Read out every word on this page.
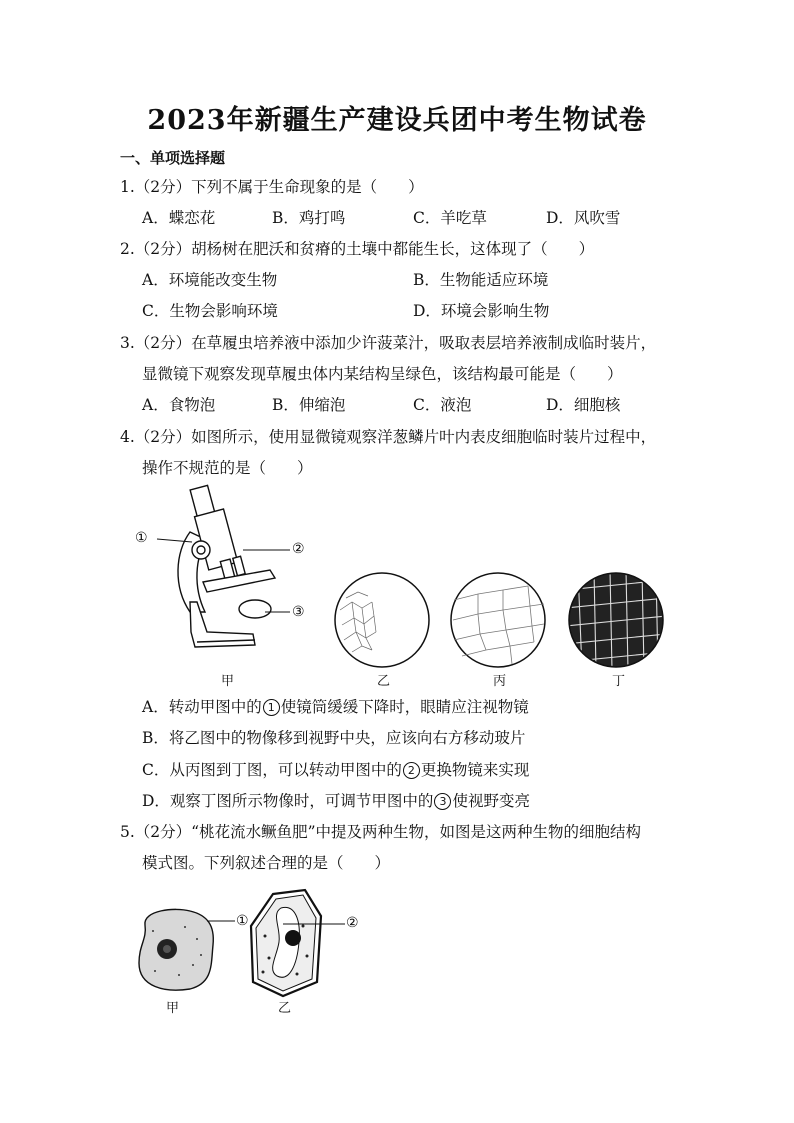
2023年新疆生产建设兵团中考生物试卷
一、单项选择题
1.（2分）下列不属于生命现象的是（　　）
A．蝶恋花	B．鸡打鸣	C．羊吃草	D．风吹雪
2.（2分）胡杨树在肥沃和贫瘠的土壤中都能生长，这体现了（　　）
A．环境能改变生物	B．生物能适应环境
C．生物会影响环境	D．环境会影响生物
3.（2分）在草履虫培养液中添加少许菠菜汁，吸取表层培养液制成临时装片，
显微镜下观察发现草履虫体内某结构呈绿色，该结构最可能是（　　）
A．食物泡	B．伸缩泡	C．液泡	D．细胞核
4.（2分）如图所示，使用显微镜观察洋葱鳞片叶内表皮细胞临时装片过程中，
操作不规范的是（　　）
①
②
③
甲	乙	丙	丁
A．转动甲图中的 1 使镜筒缓缓下降时，眼睛应注视物镜
B．将乙图中的物像移到视野中央，应该向右方移动玻片
C．从丙图到丁图，可以转动甲图中的 2 更换物镜来实现
D．观察丁图所示物像时，可调节甲图中的 3 使视野变亮
5.（2分）“桃花流水鳜鱼肥”中提及两种生物，如图是这两种生物的细胞结构
模式图。下列叙述合理的是（　　）
①	②
甲	乙
